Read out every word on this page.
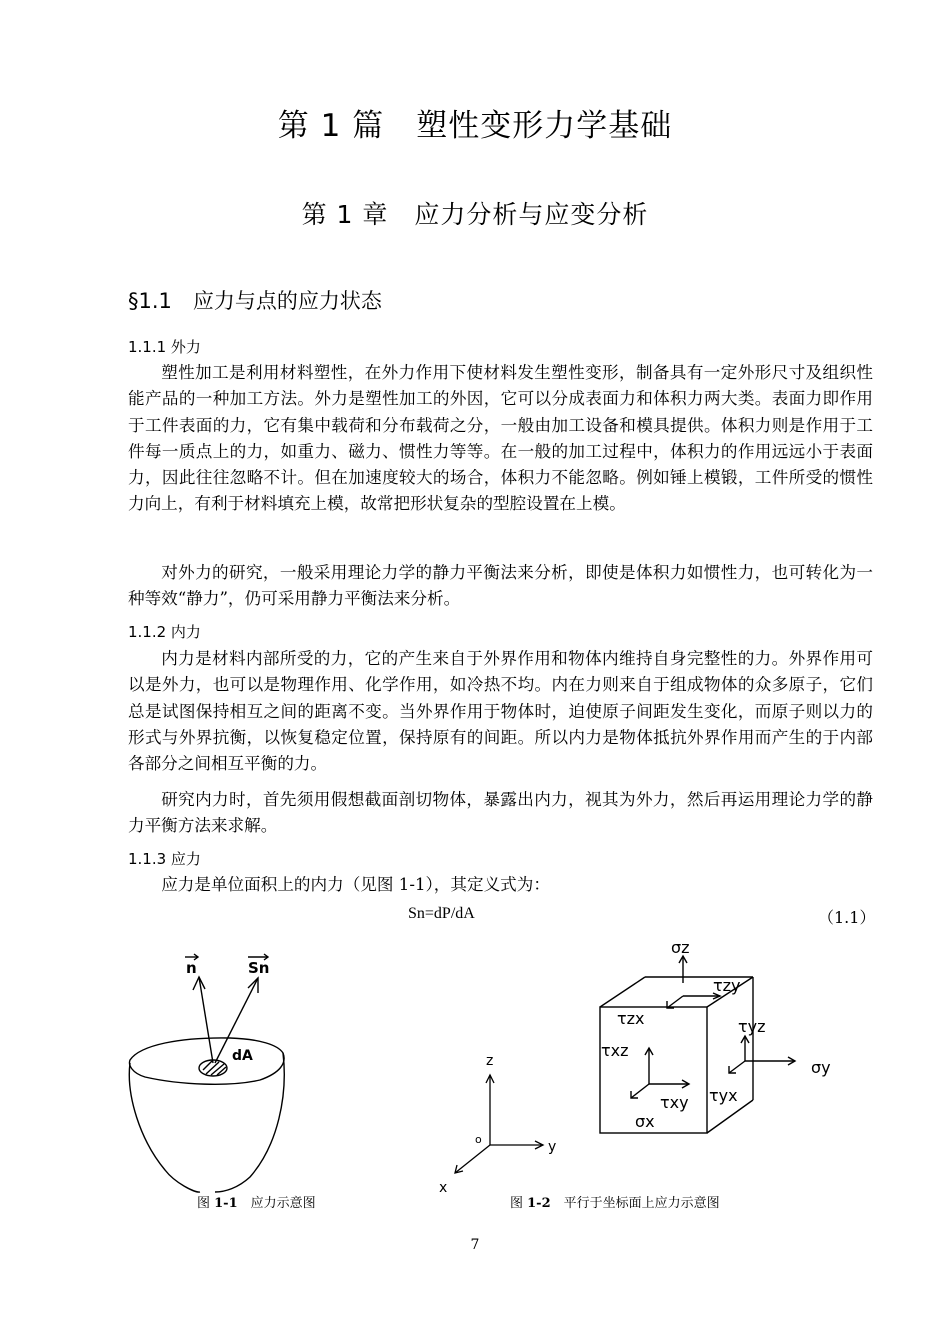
第 1 篇　塑性变形力学基础
第 1 章　应力分析与应变分析
§1.1　应力与点的应力状态
1.1.1 外力
塑性加工是利用材料塑性，在外力作用下使材料发生塑性变形，制备具有一定外形尺寸及组织性能产品的一种加工方法。外力是塑性加工的外因，它可以分成表面力和体积力两大类。表面力即作用于工件表面的力，它有集中载荷和分布载荷之分，一般由加工设备和模具提供。体积力则是作用于工件每一质点上的力，如重力、磁力、惯性力等等。在一般的加工过程中，体积力的作用远远小于表面力，因此往往忽略不计。但在加速度较大的场合，体积力不能忽略。例如锤上模锻，工件所受的惯性力向上，有利于材料填充上模，故常把形状复杂的型腔设置在上模。
对外力的研究，一般采用理论力学的静力平衡法来分析，即使是体积力如惯性力，也可转化为一种等效“静力”，仍可采用静力平衡法来分析。
1.1.2 内力
内力是材料内部所受的力，它的产生来自于外界作用和物体内维持自身完整性的力。外界作用可以是外力，也可以是物理作用、化学作用，如冷热不均。内在力则来自于组成物体的众多原子，它们总是试图保持相互之间的距离不变。当外界作用于物体时，迫使原子间距发生变化，而原子则以力的形式与外界抗衡，以恢复稳定位置，保持原有的间距。所以内力是物体抵抗外界作用而产生的于内部各部分之间相互平衡的力。
研究内力时，首先须用假想截面剖切物体，暴露出内力，视其为外力，然后再运用理论力学的静力平衡方法来求解。
1.1.3 应力
应力是单位面积上的内力（见图 1-1），其定义式为：
Sn=dP/dA	（1.1）
n	Sn
dA
图 1-1　应力示意图
z
y
x
o
σz
τzy
τzx	τyz
τxz
σy
τxy τyx
σx
图 1-2　平行于坐标面上应力示意图
7
